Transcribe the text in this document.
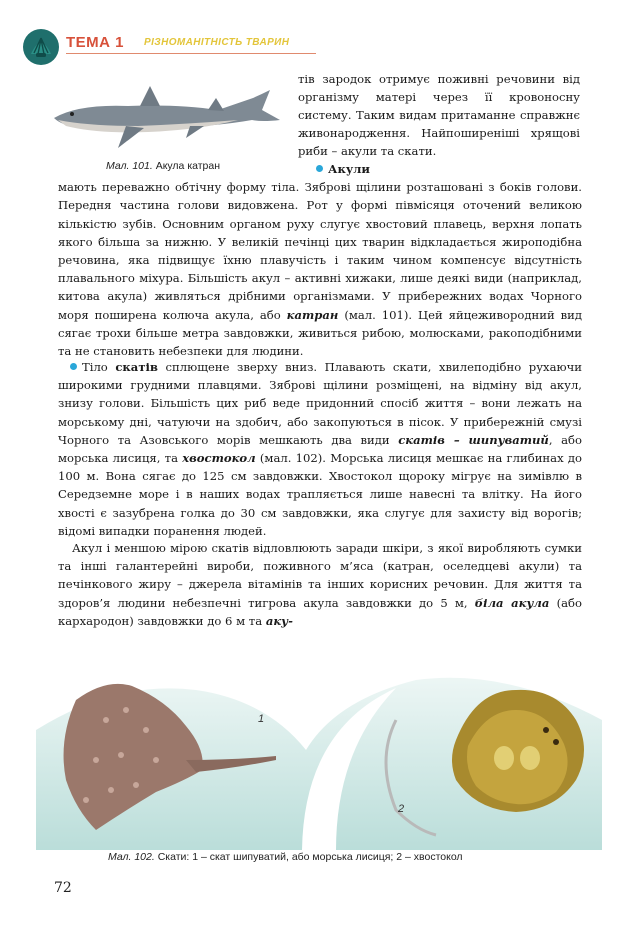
ТЕМА 1 РІЗНОМАНІТНІСТЬ ТВАРИН
Мал. 101. Акула катран

тів зародок отримує поживні речовини від організму матері через її кровоносну систему. Таким видам притаманне справжнє живонародження. Найпоширеніші хрящові риби – акули та скати.

Акули
мають переважно обтічну форму тіла. Зяброві щілини розташовані з боків голови. Передня частина голови видовжена. Рот у формі півмісяця оточений великою кількістю зубів. Основним органом руху слугує хвостовий плавець, верхня лопать якого більша за нижню. У великій печінці цих тварин відкладається жироподібна речовина, яка підвищує їхню плавучість і таким чином компенсує відсутність плавального міхура. Більшість акул – активні хижаки, лише деякі види (наприклад, китова акула) живляться дрібними організмами. У прибережних водах Чорного моря поширена колюча акула, або катран (мал. 101). Цей яйцеживородний вид сягає трохи більше метра завдовжки, живиться рибою, молюсками, ракоподібними та не становить небезпеки для людини.

Тіло скатів сплющене зверху вниз. Плавають скати, хвилеподібно рухаючи широкими грудними плавцями. Зяброві щілини розміщені, на відміну від акул, знизу голови. Більшість цих риб веде придонний спосіб життя – вони лежать на морському дні, чатуючи на здобич, або закопуються в пісок. У прибережній смузі Чорного та Азовського морів мешкають два види скатів – шипуватий, або морська лисиця, та хвостокол (мал. 102). Морська лисиця мешкає на глибинах до 100 м. Вона сягає до 125 см завдовжки. Хвостокол щороку мігрує на зимівлю в Середземне море і в наших водах трапляється лише навесні та влітку. На його хвості є зазубрена голка до 30 см завдовжки, яка слугує для захисту від ворогів; відомі випадки поранення людей.

Акул і меншою мірою скатів відловлюють заради шкіри, з якої виробляють сумки та інші галантерейні вироби, поживного м’яса (катран, оселедцеві акули) та печінкового жиру – джерела вітамінів та інших корисних речовин. Для життя та здоров’я людини небезпечні тигрова акула завдовжки до 5 м, біла акула (або кархародон) завдовжки до 6 м та аку-

1
2
Мал. 102. Скати: 1 – скат шипуватий, або морська лисиця; 2 – хвостокол
72
